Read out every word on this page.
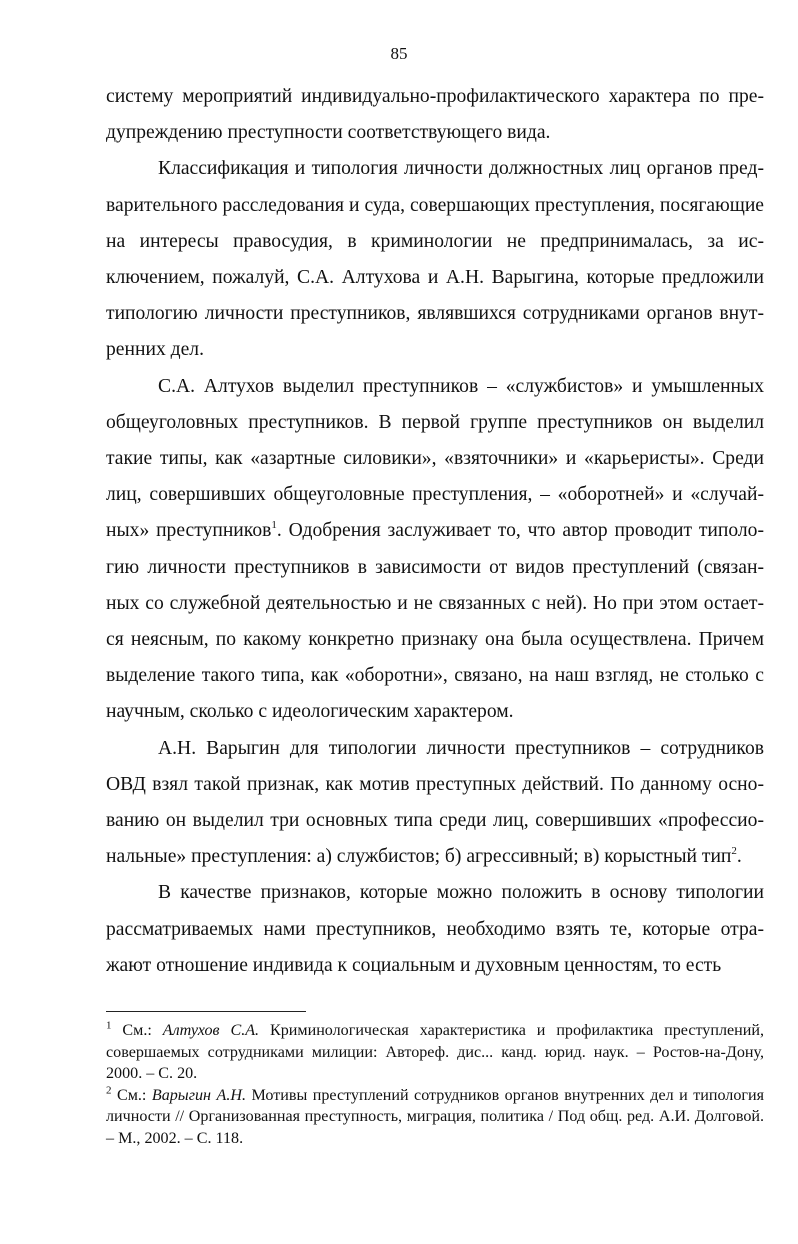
85

систему мероприятий индивидуально-профилактического характера по предупреждению преступности соответствующего вида.

Классификация и типология личности должностных лиц органов предварительного расследования и суда, совершающих преступления, посягающие на интересы правосудия, в криминологии не предпринималась, за исключением, пожалуй, С.А. Алтухова и А.Н. Варыгина, которые предложили типологию личности преступников, являвшихся сотрудниками органов внутренних дел.

С.А. Алтухов выделил преступников – «службистов» и умышленных общеуголовных преступников. В первой группе преступников он выделил такие типы, как «азартные силовики», «взяточники» и «карьеристы». Среди лиц, совершивших общеуголовные преступления, – «оборотней» и «случайных» преступников$^1$. Одобрения заслуживает то, что автор проводит типологию личности преступников в зависимости от видов преступлений (связанных со служебной деятельностью и не связанных с ней). Но при этом остается неясным, по какому конкретно признаку она была осуществлена. Причем выделение такого типа, как «оборотни», связано, на наш взгляд, не столько с научным, сколько с идеологическим характером.

А.Н. Варыгин для типологии личности преступников – сотрудников ОВД взял такой признак, как мотив преступных действий. По данному основанию он выделил три основных типа среди лиц, совершивших «профессиональные» преступления: а) службистов; б) агрессивный; в) корыстный тип$^2$.

В качестве признаков, которые можно положить в основу типологии рассматриваемых нами преступников, необходимо взять те, которые отражают отношение индивида к социальным и духовным ценностям, то есть

$^1$ См.: Алтухов С.А. Криминологическая характеристика и профилактика преступлений, совершаемых сотрудниками милиции: Автореф. дис... канд. юрид. наук. – Ростов-на-Дону, 2000. – С. 20.

$^2$ См.: Варыгин А.Н. Мотивы преступлений сотрудников органов внутренних дел и типология личности // Организованная преступность, миграция, политика / Под общ. ред. А.И. Долговой. – М., 2002. – С. 118.
